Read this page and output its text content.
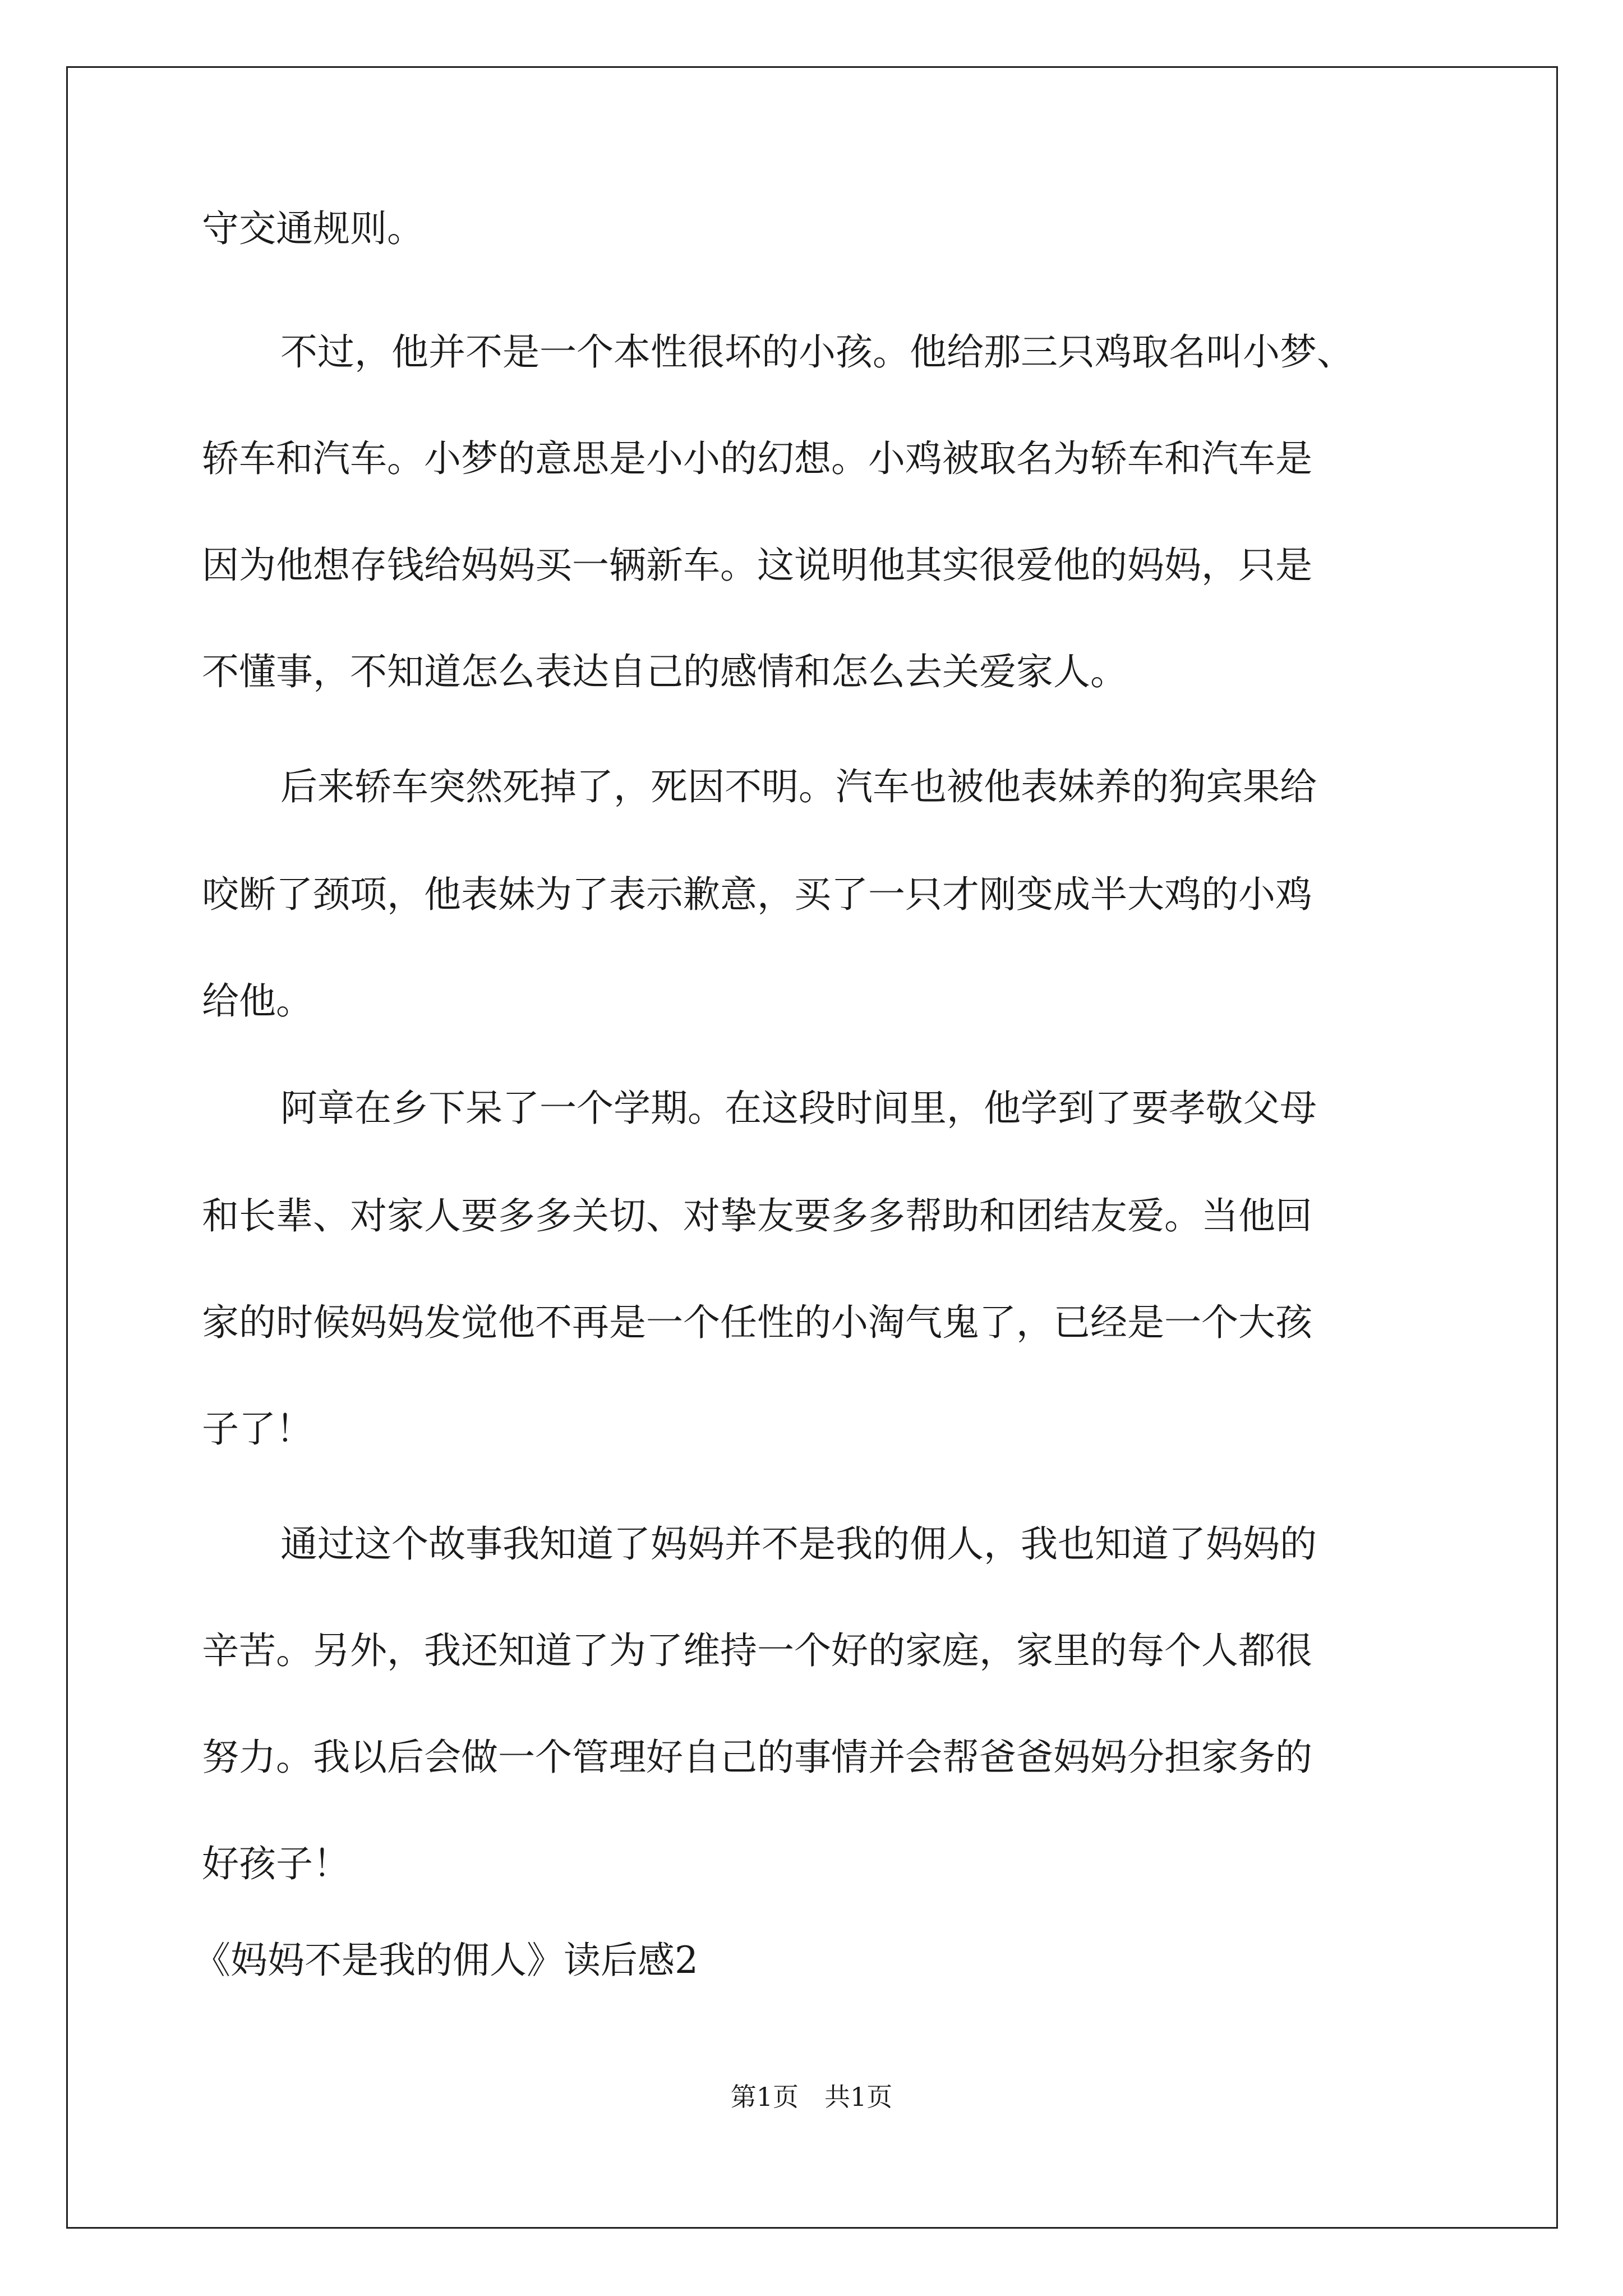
守交通规则。
不过，他并不是一个本性很坏的小孩。他给那三只鸡取名叫小梦、
轿车和汽车。小梦的意思是小小的幻想。小鸡被取名为轿车和汽车是
因为他想存钱给妈妈买一辆新车。这说明他其实很爱他的妈妈，只是
不懂事，不知道怎么表达自己的感情和怎么去关爱家人。
后来轿车突然死掉了，死因不明。汽车也被他表妹养的狗宾果给
咬断了颈项，他表妹为了表示歉意，买了一只才刚变成半大鸡的小鸡
给他。
阿章在乡下呆了一个学期。在这段时间里，他学到了要孝敬父母
和长辈、对家人要多多关切、对挚友要多多帮助和团结友爱。当他回
家的时候妈妈发觉他不再是一个任性的小淘气鬼了，已经是一个大孩
子了！
通过这个故事我知道了妈妈并不是我的佣人，我也知道了妈妈的
辛苦。另外，我还知道了为了维持一个好的家庭，家里的每个人都很
努力。我以后会做一个管理好自己的事情并会帮爸爸妈妈分担家务的
好孩子！
《妈妈不是我的佣人》读后感2
第1页　共1页
